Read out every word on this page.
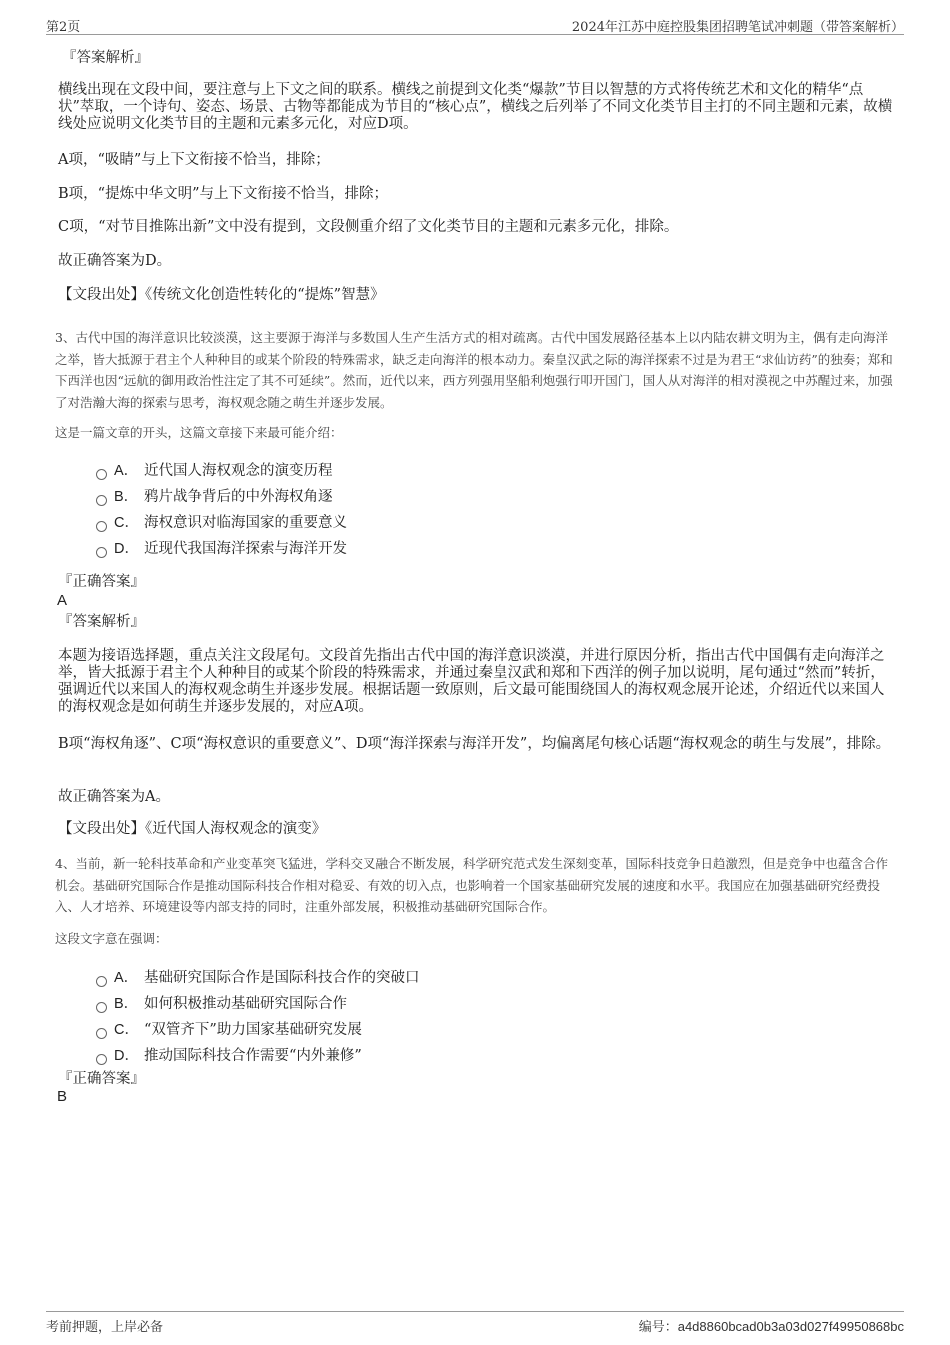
第2页	2024年江苏中庭控股集团招聘笔试冲刺题（带答案解析）
『答案解析』
横线出现在文段中间，要注意与上下文之间的联系。横线之前提到文化类“爆款”节目以智慧的方式将传统艺术和文化的精华“点状”萃取，一个诗句、姿态、场景、古物等都能成为节目的“核心点”，横线之后列举了不同文化类节目主打的不同主题和元素，故横线处应说明文化类节目的主题和元素多元化，对应D项。
A项，“吸睛”与上下文衔接不恰当，排除；
B项，“提炼中华文明”与上下文衔接不恰当，排除；
C项，“对节目推陈出新”文中没有提到，文段侧重介绍了文化类节目的主题和元素多元化，排除。
故正确答案为D。
【文段出处】《传统文化创造性转化的“提炼”智慧》
3、古代中国的海洋意识比较淡漠，这主要源于海洋与多数国人生产生活方式的相对疏离。古代中国发展路径基本上以内陆农耕文明为主，偶有走向海洋之举，皆大抵源于君主个人种种目的或某个阶段的特殊需求，缺乏走向海洋的根本动力。秦皇汉武之际的海洋探索不过是为君王“求仙访药”的独奏；郑和下西洋也因“远航的御用政治性注定了其不可延续”。然而，近代以来，西方列强用坚船利炮强行叩开国门，国人从对海洋的相对漠视之中苏醒过来，加强了对浩瀚大海的探索与思考，海权观念随之萌生并逐步发展。
这是一篇文章的开头，这篇文章接下来最可能介绍：
A． 近代国人海权观念的演变历程
B． 鸦片战争背后的中外海权角逐
C． 海权意识对临海国家的重要意义
D． 近现代我国海洋探索与海洋开发
『正确答案』
A
『答案解析』
本题为接语选择题，重点关注文段尾句。文段首先指出古代中国的海洋意识淡漠，并进行原因分析，指出古代中国偶有走向海洋之举，皆大抵源于君主个人种种目的或某个阶段的特殊需求，并通过秦皇汉武和郑和下西洋的例子加以说明，尾句通过“然而”转折，强调近代以来国人的海权观念萌生并逐步发展。根据话题一致原则，后文最可能围绕国人的海权观念展开论述，介绍近代以来国人的海权观念是如何萌生并逐步发展的，对应A项。
B项“海权角逐”、C项“海权意识的重要意义”、D项“海洋探索与海洋开发”，均偏离尾句核心话题“海权观念的萌生与发展”，排除。
故正确答案为A。
【文段出处】《近代国人海权观念的演变》
4、当前，新一轮科技革命和产业变革突飞猛进，学科交叉融合不断发展，科学研究范式发生深刻变革，国际科技竞争日趋激烈，但是竞争中也蕴含合作机会。基础研究国际合作是推动国际科技合作相对稳妥、有效的切入点，也影响着一个国家基础研究发展的速度和水平。我国应在加强基础研究经费投入、人才培养、环境建设等内部支持的同时，注重外部发展，积极推动基础研究国际合作。
这段文字意在强调：
A． 基础研究国际合作是国际科技合作的突破口
B． 如何积极推动基础研究国际合作
C． “双管齐下”助力国家基础研究发展
D． 推动国际科技合作需要“内外兼修”
『正确答案』
B
考前押题，上岸必备	编号：a4d8860bcad0b3a03d027f49950868bc
